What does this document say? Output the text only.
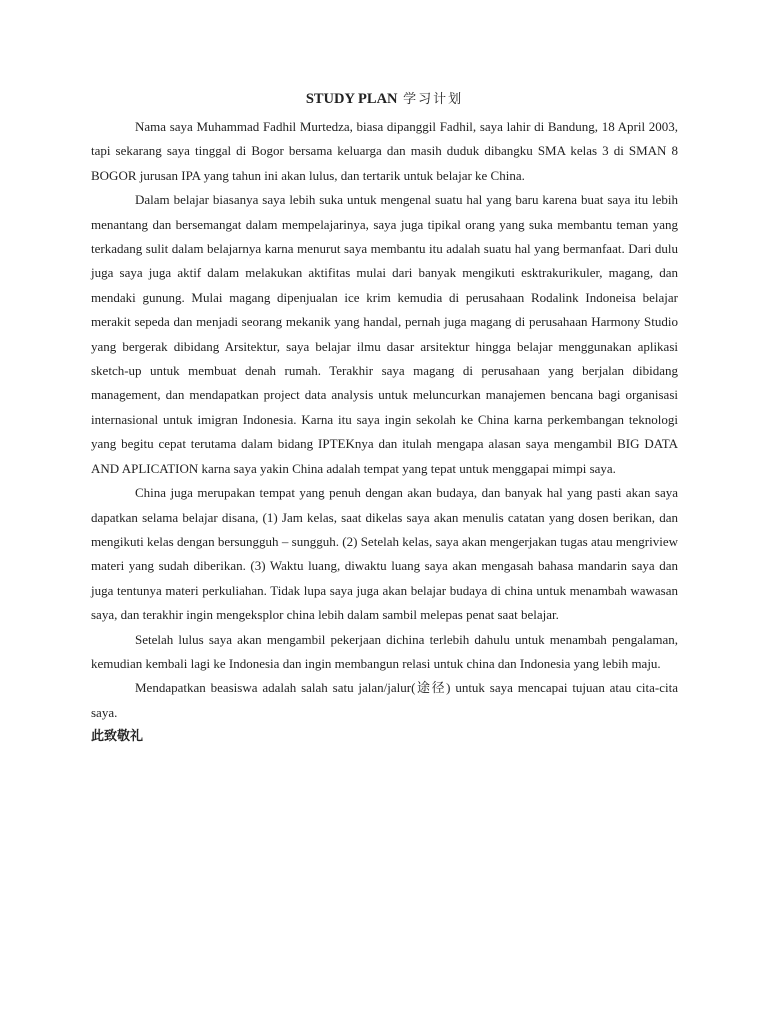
STUDY PLAN 学习计划

Nama saya Muhammad Fadhil Murtedza, biasa dipanggil Fadhil, saya lahir di Bandung, 18 April 2003, tapi sekarang saya tinggal di Bogor bersama keluarga dan masih duduk dibangku SMA kelas 3 di SMAN 8 BOGOR jurusan IPA yang tahun ini akan lulus, dan tertarik untuk belajar ke China.

Dalam belajar biasanya saya lebih suka untuk mengenal suatu hal yang baru karena buat saya itu lebih menantang dan bersemangat dalam mempelajarinya, saya juga tipikal orang yang suka membantu teman yang terkadang sulit dalam belajarnya karna menurut saya membantu itu adalah suatu hal yang bermanfaat. Dari dulu juga saya juga aktif dalam melakukan aktifitas mulai dari banyak mengikuti esktrakurikuler, magang, dan mendaki gunung. Mulai magang dipenjualan ice krim kemudia di perusahaan Rodalink Indoneisa belajar merakit sepeda dan menjadi seorang mekanik yang handal, pernah juga magang di perusahaan Harmony Studio yang bergerak dibidang Arsitektur, saya belajar ilmu dasar arsitektur hingga belajar menggunakan aplikasi sketch-up untuk membuat denah rumah. Terakhir saya magang di perusahaan yang berjalan dibidang management, dan mendapatkan project data analysis untuk meluncurkan manajemen bencana bagi organisasi internasional untuk imigran Indonesia. Karna itu saya ingin sekolah ke China karna perkembangan teknologi yang begitu cepat terutama dalam bidang IPTEKnya dan itulah mengapa alasan saya mengambil BIG DATA AND APLICATION karna saya yakin China adalah tempat yang tepat untuk menggapai mimpi saya.

China juga merupakan tempat yang penuh dengan akan budaya, dan banyak hal yang pasti akan saya dapatkan selama belajar disana, (1) Jam kelas, saat dikelas saya akan menulis catatan yang dosen berikan, dan mengikuti kelas dengan bersungguh – sungguh. (2) Setelah kelas, saya akan mengerjakan tugas atau mengriview materi yang sudah diberikan. (3) Waktu luang, diwaktu luang saya akan mengasah bahasa mandarin saya dan juga tentunya materi perkuliahan. Tidak lupa saya juga akan belajar budaya di china untuk menambah wawasan saya, dan terakhir ingin mengeksplor china lebih dalam sambil melepas penat saat belajar.

Setelah lulus saya akan mengambil pekerjaan dichina terlebih dahulu untuk menambah pengalaman, kemudian kembali lagi ke Indonesia dan ingin membangun relasi untuk china dan Indonesia yang lebih maju.

Mendapatkan beasiswa adalah salah satu jalan/jalur(途径) untuk saya mencapai tujuan atau cita-cita saya.

此致敬礼
